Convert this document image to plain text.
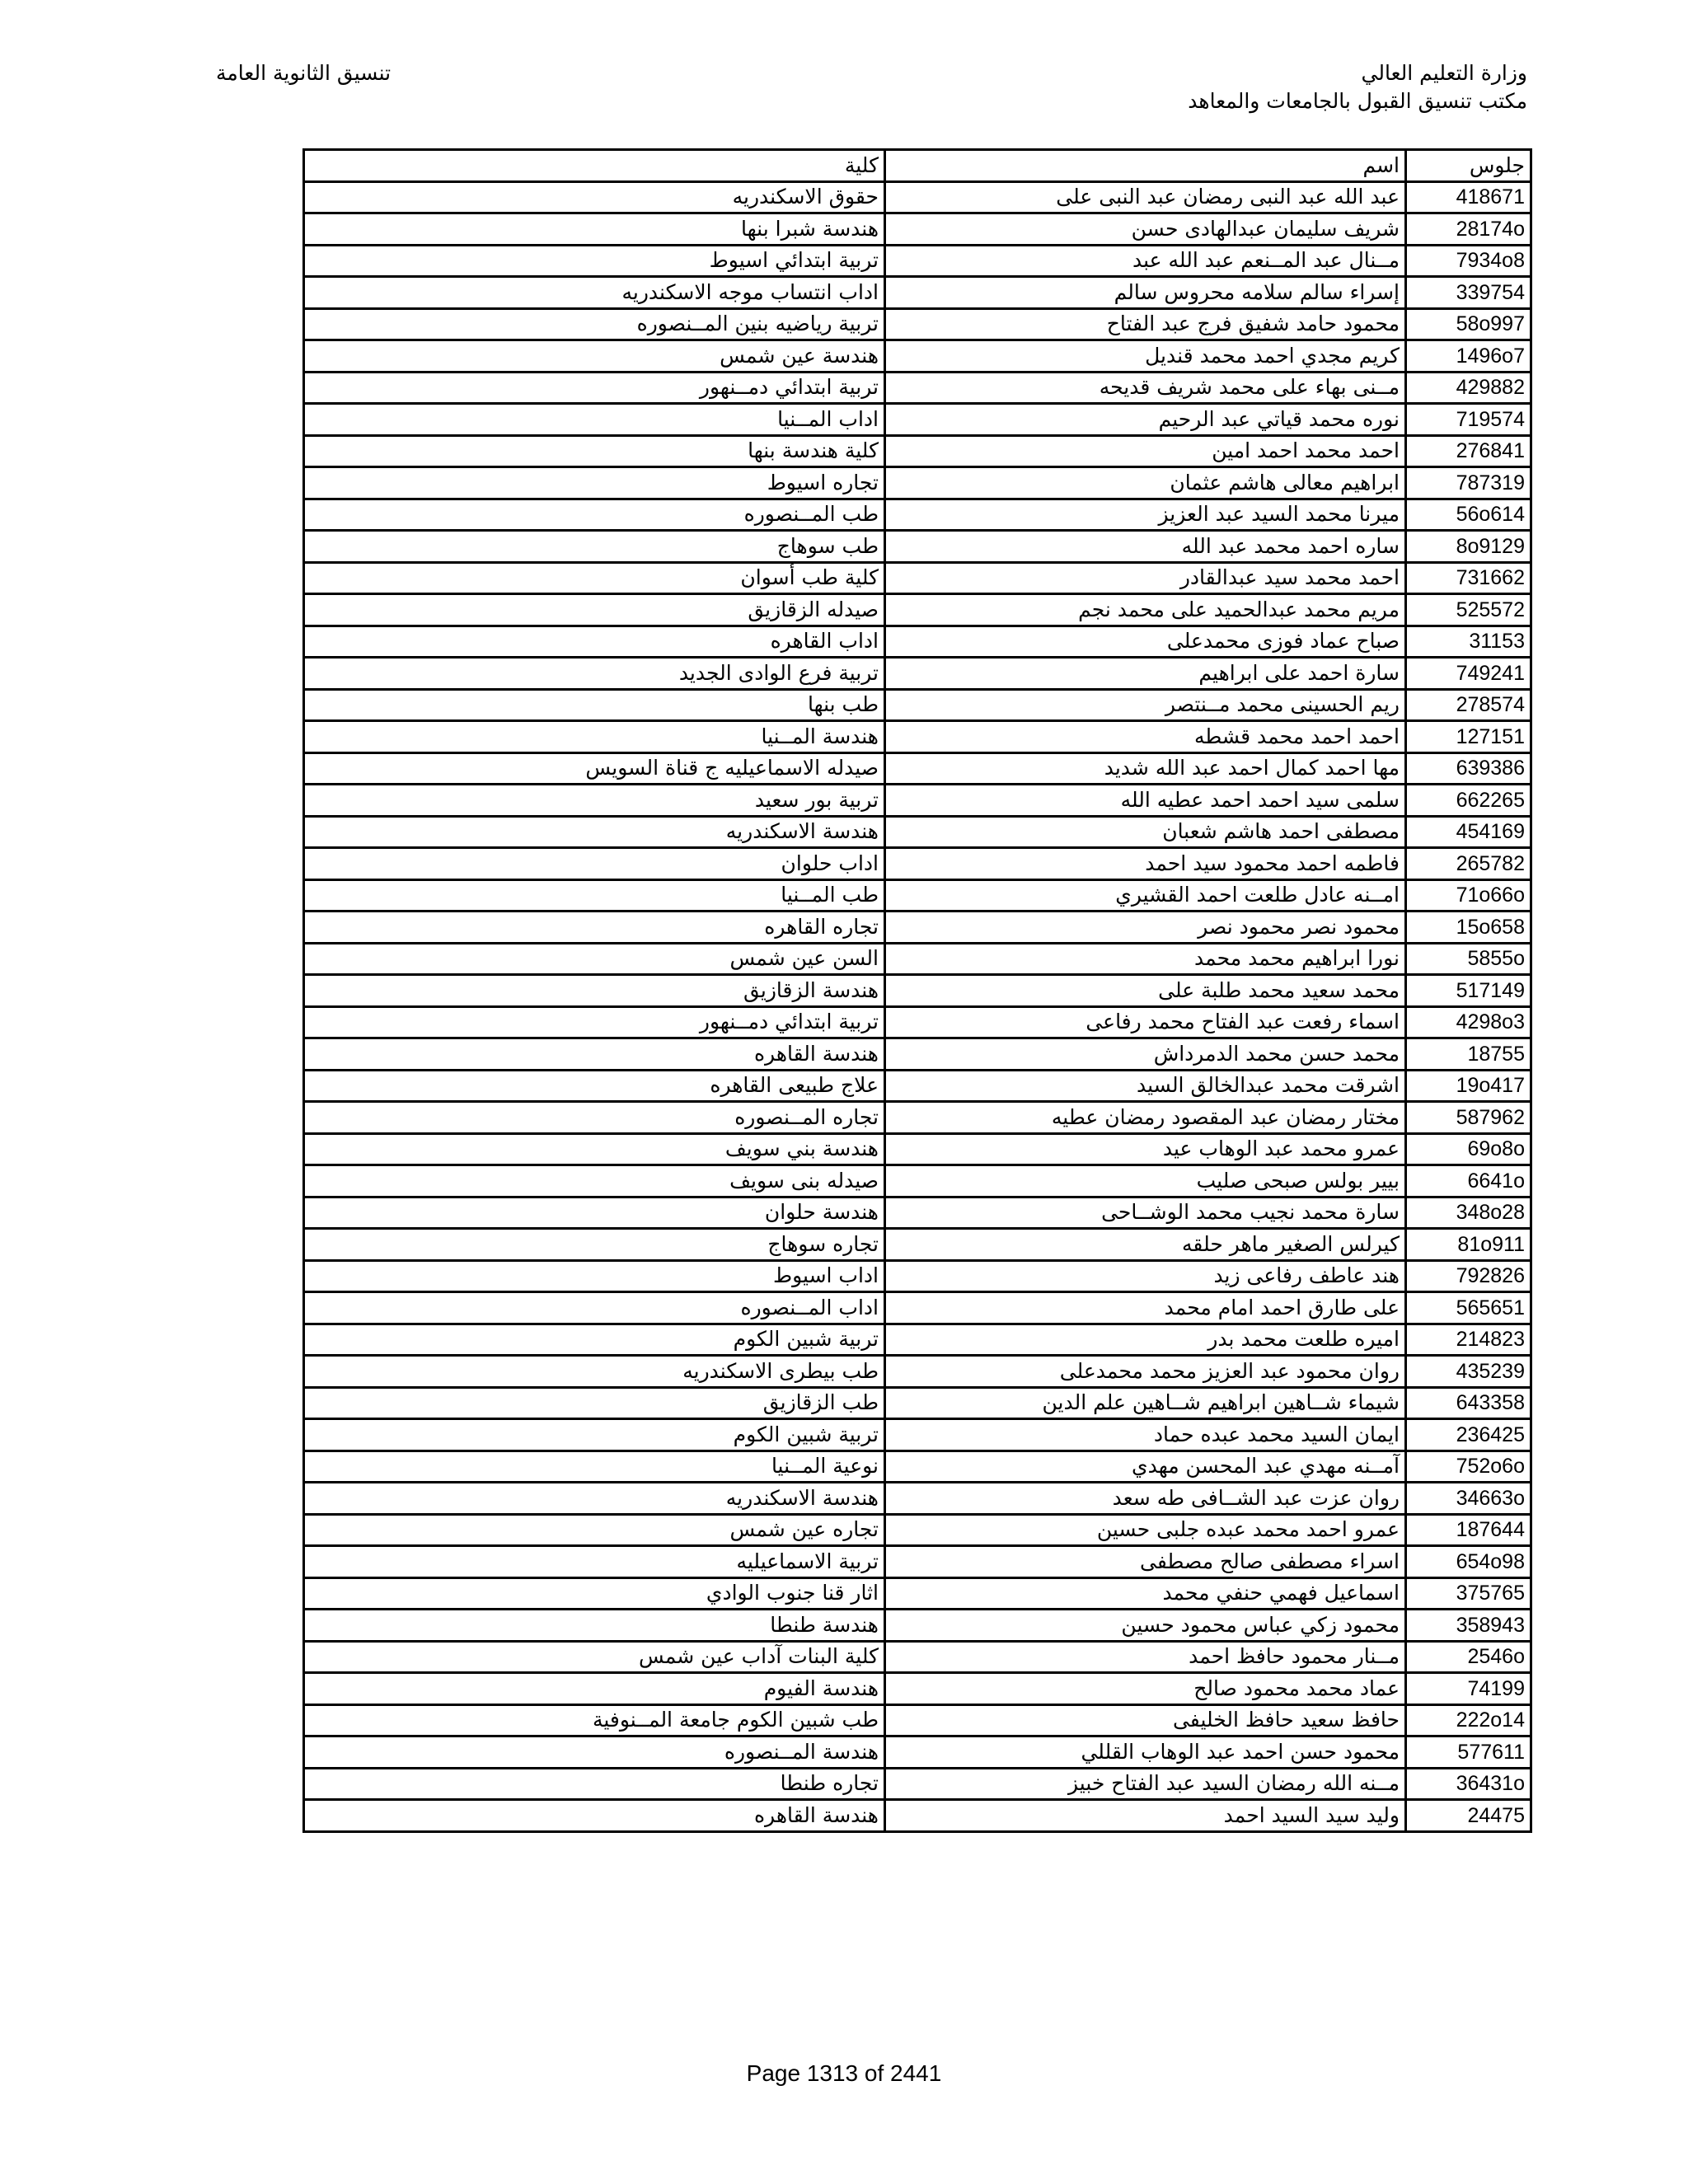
وزارة التعليم العالي
مكتب تنسيق القبول بالجامعات والمعاهد
تنسيق الثانوية العامة
جلوس	اسم	كلية
418671	عبد الله عبد النبى رمضان عبد النبى على	حقوق الاسكندريه
28174o	شريف سليمان عبدالهادى حسن	هندسة شبرا بنها
7934o8	مــنال عبد المــنعم عبد الله عبد	تربية ابتدائي اسيوط
339754	إسراء سالم سلامه محروس سالم	اداب انتساب موجه الاسكندريه
58o997	محمود حامد شفيق فرج عبد الفتاح	تربية رياضيه بنين المــنصوره
1496o7	كريم مجدي احمد محمد قنديل	هندسة عين شمس
429882	مــنى بهاء على محمد شريف قديحه	تربية ابتدائي دمــنهور
719574	نوره محمد قياتي عبد الرحيم	اداب المــنيا
276841	احمد محمد احمد امين	كلية هندسة بنها
787319	ابراهيم معالى هاشم عثمان	تجاره اسيوط
56o614	ميرنا محمد السيد عبد العزيز	طب المــنصوره
8o9129	ساره احمد محمد عبد الله	طب سوهاج
731662	احمد محمد سيد عبدالقادر	كلية طب أسوان
525572	مريم محمد عبدالحميد على محمد نجم	صيدله الزقازيق
31153	صباح عماد فوزى محمدعلى	اداب القاهره
749241	سارة احمد على ابراهيم	تربية فرع الوادى الجديد
278574	ريم الحسينى محمد مــنتصر	طب بنها
127151	احمد احمد محمد قشطه	هندسة المــنيا
639386	مها احمد كمال احمد عبد الله شديد	صيدله الاسماعيليه ج قناة السويس
662265	سلمى سيد احمد احمد عطيه الله	تربية بور سعيد
454169	مصطفى احمد هاشم شعبان	هندسة الاسكندريه
265782	فاطمه احمد محمود سيد احمد	اداب حلوان
71o66o	امــنه عادل طلعت احمد القشيري	طب المــنيا
15o658	محمود نصر محمود نصر	تجاره القاهره
5855o	نورا ابراهيم محمد محمد	السن عين شمس
517149	محمد سعيد محمد طلبة على	هندسة الزقازيق
4298o3	اسماء رفعت عبد الفتاح محمد رفاعى	تربية ابتدائي دمــنهور
18755	محمد حسن محمد الدمرداش	هندسة القاهره
19o417	اشرقت محمد عبدالخالق السيد	علاج طبيعى القاهره
587962	مختار رمضان عبد المقصود رمضان عطيه	تجاره المــنصوره
69o8o	عمرو محمد عبد الوهاب عيد	هندسة بني سويف
6641o	بيير بولس صبحى صليب	صيدله بنى سويف
348o28	سارة محمد نجيب محمد الوشــاحى	هندسة حلوان
81o911	كيرلس الصغير ماهر حلقه	تجاره سوهاج
792826	هند عاطف رفاعى زيد	اداب اسيوط
565651	على طارق احمد امام محمد	اداب المــنصوره
214823	اميره طلعت محمد بدر	تربية شبين الكوم
435239	روان محمود عبد العزيز محمد محمدعلى	طب بيطرى الاسكندريه
643358	شيماء شــاهين ابراهيم شــاهين علم الدين	طب الزقازيق
236425	ايمان السيد محمد عبده حماد	تربية شبين الكوم
752o6o	آمــنه مهدي عبد المحسن مهدي	نوعية المــنيا
34663o	روان عزت عبد الشــافى طه سعد	هندسة الاسكندريه
187644	عمرو احمد محمد عبده جلبى حسين	تجاره عين شمس
654o98	اسراء مصطفى صالح مصطفى	تربية الاسماعيليه
375765	اسماعيل فهمي حنفي محمد	اثار قنا جنوب الوادي
358943	محمود زكي عباس محمود حسين	هندسة طنطا
2546o	مــنار محمود حافظ احمد	كلية البنات آداب عين شمس
74199	عماد محمد محمود صالح	هندسة الفيوم
222o14	حافظ سعيد حافظ الخليفى	طب شبين الكوم جامعة المــنوفية
577611	محمود حسن احمد عبد الوهاب القللي	هندسة المــنصوره
36431o	مــنه الله رمضان السيد عبد الفتاح خبيز	تجاره طنطا
24475	وليد سيد السيد احمد	هندسة القاهره
Page 1313 of 2441
